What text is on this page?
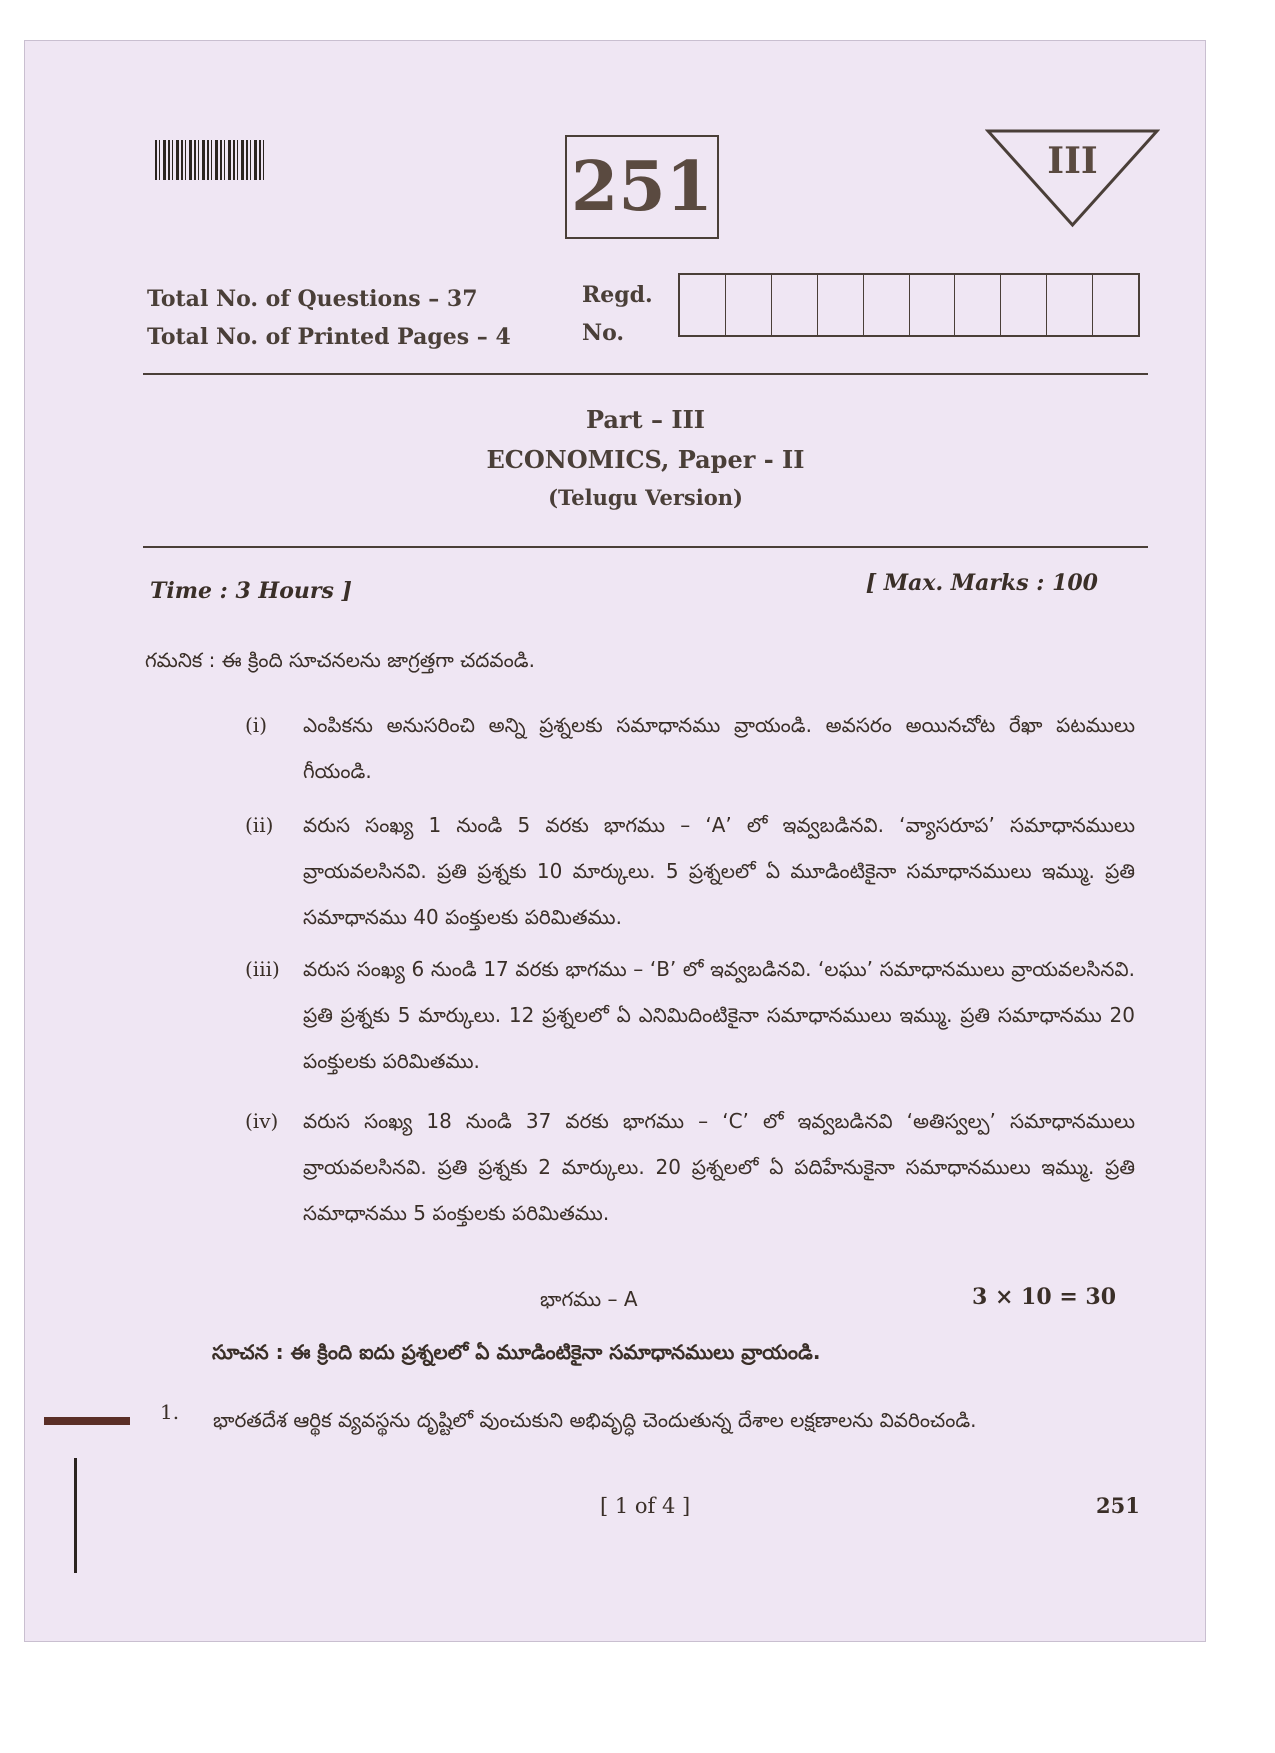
251	III
Total No. of Questions – 37
Total No. of Printed Pages – 4
Regd.
No.
Part – III
ECONOMICS, Paper - II
(Telugu Version)
Time : 3 Hours ]	[ Max. Marks : 100
గమనిక : ఈ క్రింది సూచనలను జాగ్రత్తగా చదవండి.
(i) ఎంపికను అనుసరించి అన్ని ప్రశ్నలకు సమాధానము వ్రాయండి. అవసరం అయినచోట రేఖా పటములు గీయండి.
(ii) వరుస సంఖ్య 1 నుండి 5 వరకు భాగము – ‘A’ లో ఇవ్వబడినవి. ‘వ్యాసరూప’ సమాధానములు వ్రాయవలసినవి. ప్రతి ప్రశ్నకు 10 మార్కులు. 5 ప్రశ్నలలో ఏ మూడింటికైనా సమాధానములు ఇమ్ము. ప్రతి సమాధానము 40 పంక్తులకు పరిమితము.
(iii) వరుస సంఖ్య 6 నుండి 17 వరకు భాగము – ‘B’ లో ఇవ్వబడినవి. ‘లఘు’ సమాధానములు వ్రాయవలసినవి. ప్రతి ప్రశ్నకు 5 మార్కులు. 12 ప్రశ్నలలో ఏ ఎనిమిదింటికైనా సమాధానములు ఇమ్ము. ప్రతి సమాధానము 20 పంక్తులకు పరిమితము.
(iv) వరుస సంఖ్య 18 నుండి 37 వరకు భాగము – ‘C’ లో ఇవ్వబడినవి ‘అతిస్వల్ప’ సమాధానములు వ్రాయవలసినవి. ప్రతి ప్రశ్నకు 2 మార్కులు. 20 ప్రశ్నలలో ఏ పదిహేనుకైనా సమాధానములు ఇమ్ము. ప్రతి సమాధానము 5 పంక్తులకు పరిమితము.
భాగము – A	3 × 10 = 30
సూచన : ఈ క్రింది ఐదు ప్రశ్నలలో ఏ మూడింటికైనా సమాధానములు వ్రాయండి.
1. భారతదేశ ఆర్థిక వ్యవస్థను దృష్టిలో వుంచుకుని అభివృద్ధి చెందుతున్న దేశాల లక్షణాలను వివరించండి.
[ 1 of 4 ]	251
